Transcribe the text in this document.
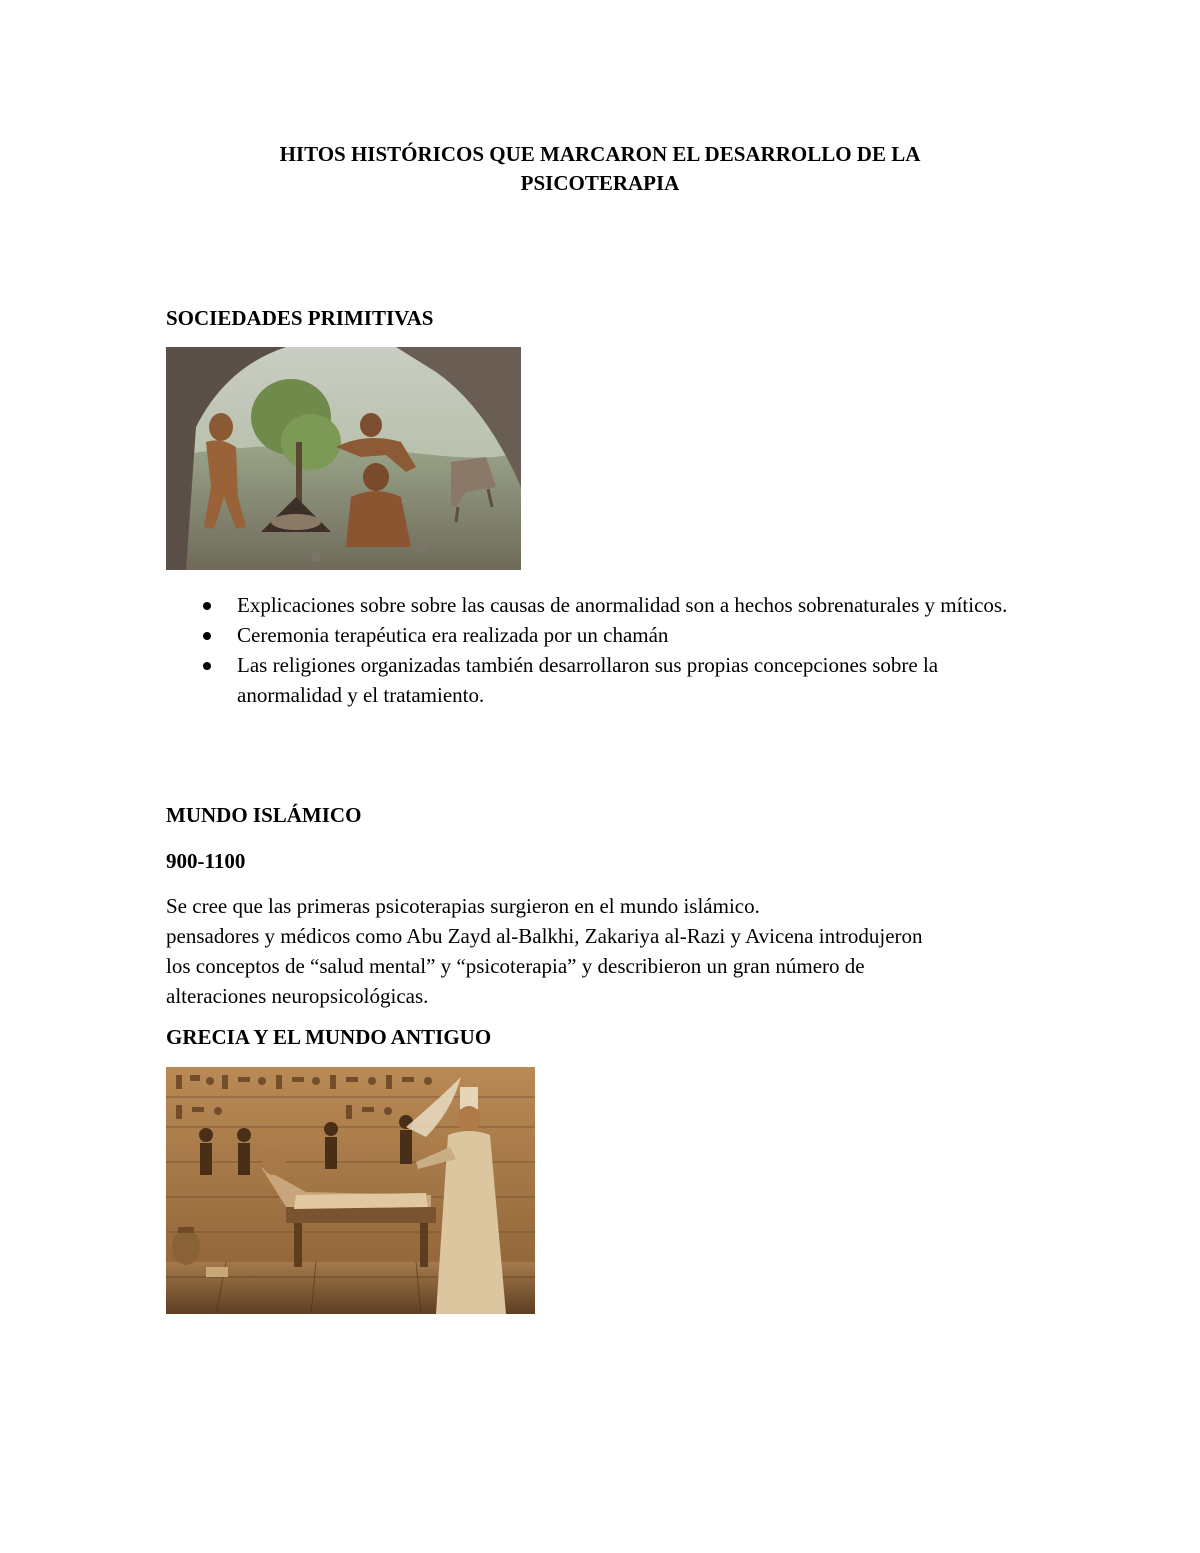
HITOS HISTÓRICOS QUE MARCARON EL DESARROLLO DE LA PSICOTERAPIA
SOCIEDADES PRIMITIVAS
Explicaciones sobre sobre las causas de anormalidad son a hechos sobrenaturales y míticos.
Ceremonia terapéutica era realizada por un chamán
Las religiones organizadas también desarrollaron sus propias concepciones sobre la anormalidad y el tratamiento.
MUNDO ISLÁMICO
900-1100
Se cree que las primeras psicoterapias surgieron en el mundo islámico.
pensadores y médicos como Abu Zayd al-Balkhi, Zakariya al-Razi y Avicena introdujeron
los conceptos de “salud mental” y “psicoterapia” y describieron un gran número de
alteraciones neuropsicológicas.
GRECIA Y EL MUNDO ANTIGUO
